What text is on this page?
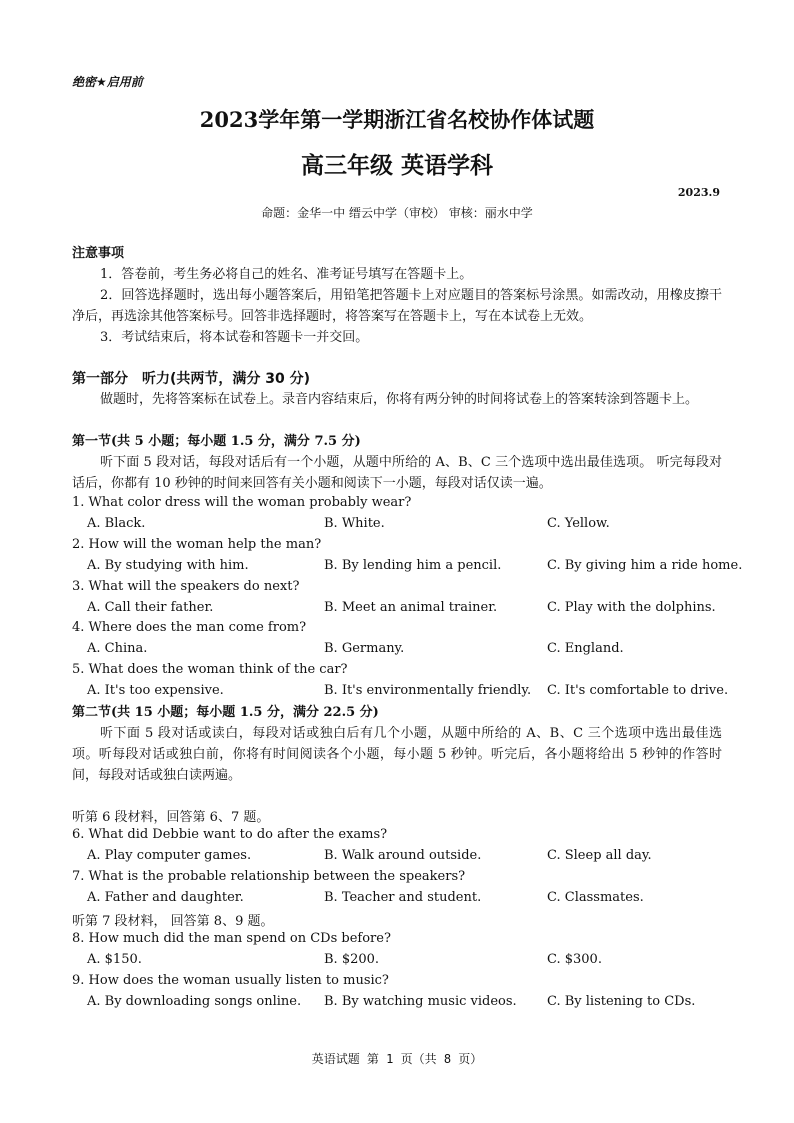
绝密★启用前
2023学年第一学期浙江省名校协作体试题
高三年级 英语学科
2023.9
命题：金华一中 缙云中学（审校） 审核：丽水中学
注意事项
1．答卷前，考生务必将自己的姓名、准考证号填写在答题卡上。
2．回答选择题时，选出每小题答案后，用铅笔把答题卡上对应题目的答案标号涂黑。如需改动，用橡皮擦干净后，再选涂其他答案标号。回答非选择题时，将答案写在答题卡上，写在本试卷上无效。
3．考试结束后，将本试卷和答题卡一并交回。
第一部分　听力(共两节，满分 30 分)
做题时，先将答案标在试卷上。录音内容结束后，你将有两分钟的时间将试卷上的答案转涂到答题卡上。
第一节(共 5 小题；每小题 1.5 分，满分 7.5 分)
听下面 5 段对话，每段对话后有一个小题，从题中所给的 A、B、C 三个选项中选出最佳选项。 听完每段对话后，你都有 10 秒钟的时间来回答有关小题和阅读下一小题，每段对话仅读一遍。
1. What color dress will the woman probably wear?
A. Black.	B. White.	C. Yellow.
2. How will the woman help the man?
A. By studying with him.	B. By lending him a pencil.	C. By giving him a ride home.
3. What will the speakers do next?
A. Call their father.	B. Meet an animal trainer.	C. Play with the dolphins.
4. Where does the man come from?
A. China.	B. Germany.	C. England.
5. What does the woman think of the car?
A. It's too expensive.	B. It's environmentally friendly. C. It's comfortable to drive.
第二节(共 15 小题；每小题 1.5 分，满分 22.5 分)
听下面 5 段对话或读白，每段对话或独白后有几个小题，从题中所给的 A、B、C 三个选项中选出最佳选项。听每段对话或独白前，你将有时间阅读各个小题，每小题 5 秒钟。听完后，各小题将给出 5 秒钟的作答时间，每段对话或独白读两遍。
听第 6 段材料，回答第 6、7 题。
6. What did Debbie want to do after the exams?
A. Play computer games.	B. Walk around outside.	C. Sleep all day.
7. What is the probable relationship between the speakers?
A. Father and daughter.	B. Teacher and student.	C. Classmates.
听第 7 段材料， 回答第 8、9 题。
8. How much did the man spend on CDs before?
A. $150.	B. $200.	C. $300.
9. How does the woman usually listen to music?
A. By downloading songs online. B. By watching music videos. C. By listening to CDs.
英语试题 第 1 页（共 8 页）
